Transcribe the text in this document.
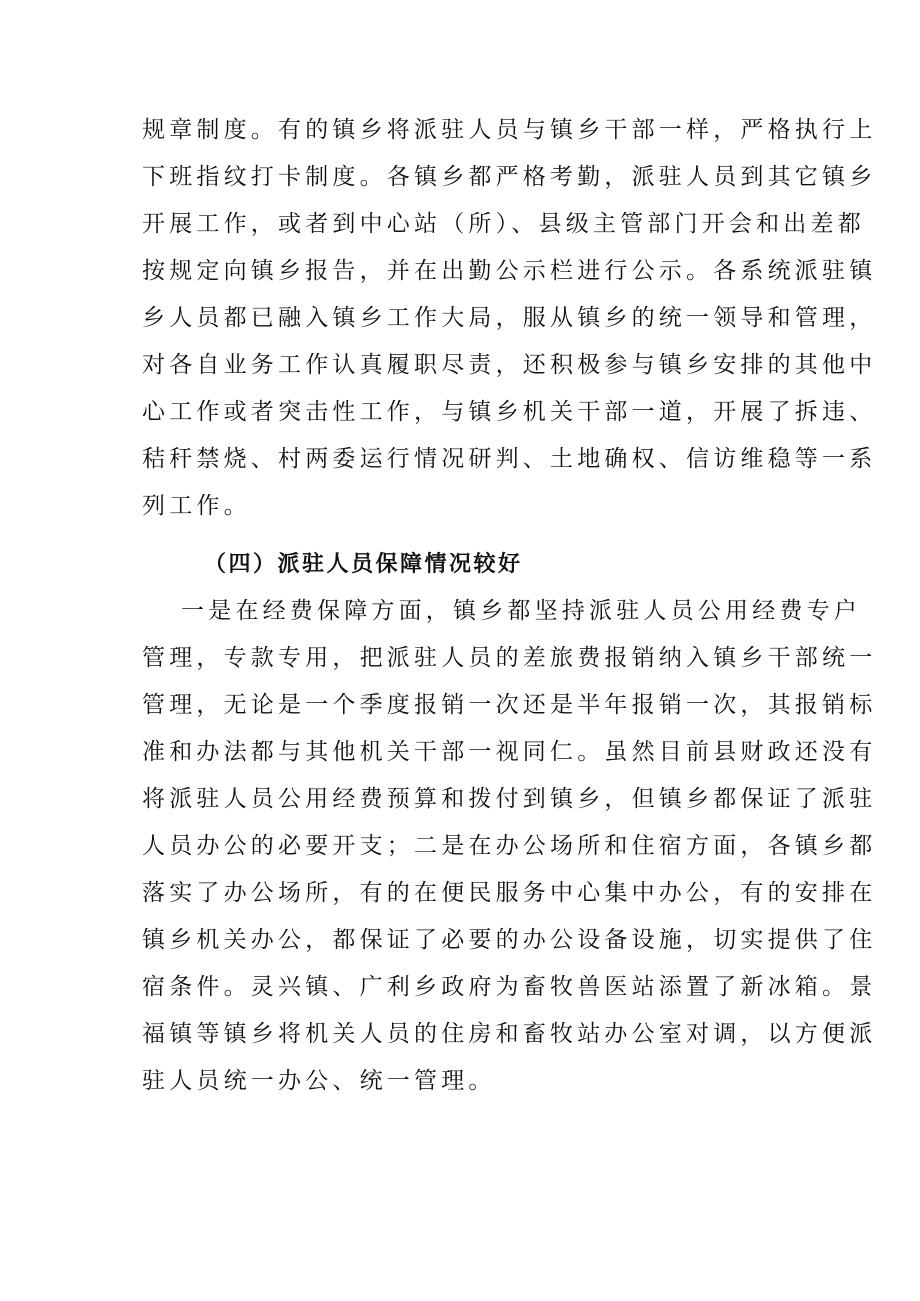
规章制度。有的镇乡将派驻人员与镇乡干部一样，严格执行上
下班指纹打卡制度。各镇乡都严格考勤，派驻人员到其它镇乡
开展工作，或者到中心站（所）、县级主管部门开会和出差都
按规定向镇乡报告，并在出勤公示栏进行公示。各系统派驻镇
乡人员都已融入镇乡工作大局，服从镇乡的统一领导和管理，
对各自业务工作认真履职尽责，还积极参与镇乡安排的其他中
心工作或者突击性工作，与镇乡机关干部一道，开展了拆违、
秸秆禁烧、村两委运行情况研判、土地确权、信访维稳等一系
列工作。
（四）派驻人员保障情况较好
一是在经费保障方面，镇乡都坚持派驻人员公用经费专户
管理，专款专用，把派驻人员的差旅费报销纳入镇乡干部统一
管理，无论是一个季度报销一次还是半年报销一次，其报销标
准和办法都与其他机关干部一视同仁。虽然目前县财政还没有
将派驻人员公用经费预算和拨付到镇乡，但镇乡都保证了派驻
人员办公的必要开支；二是在办公场所和住宿方面，各镇乡都
落实了办公场所，有的在便民服务中心集中办公，有的安排在
镇乡机关办公，都保证了必要的办公设备设施，切实提供了住
宿条件。灵兴镇、广利乡政府为畜牧兽医站添置了新冰箱。景
福镇等镇乡将机关人员的住房和畜牧站办公室对调，以方便派
驻人员统一办公、统一管理。
